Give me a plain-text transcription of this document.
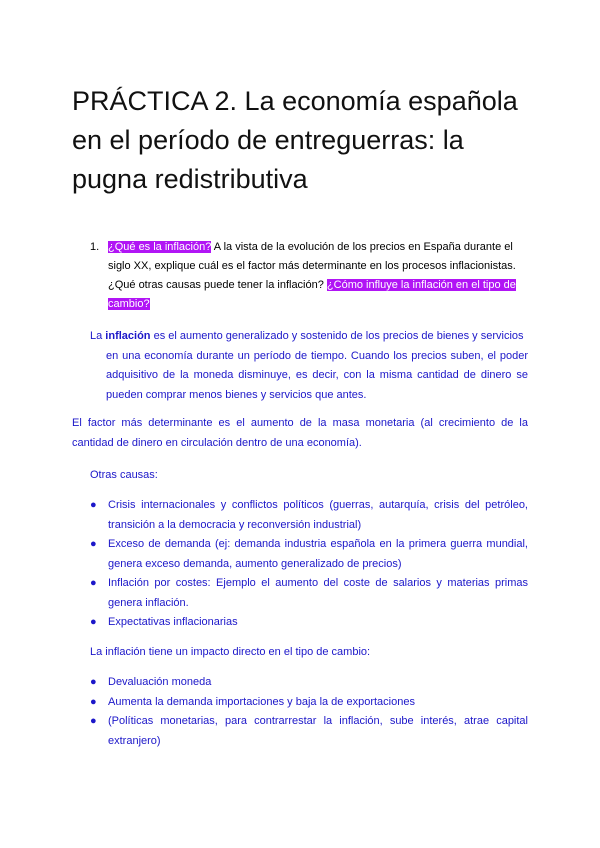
PRÁCTICA 2. La economía española en el período de entreguerras: la pugna redistributiva
1. ¿Qué es la inflación? A la vista de la evolución de los precios en España durante el siglo XX, explique cuál es el factor más determinante en los procesos inflacionistas. ¿Qué otras causas puede tener la inflación? ¿Cómo influye la inflación en el tipo de cambio?
La inflación es el aumento generalizado y sostenido de los precios de bienes y servicios
en una economía durante un período de tiempo. Cuando los precios suben, el poder adquisitivo de la moneda disminuye, es decir, con la misma cantidad de dinero se pueden comprar menos bienes y servicios que antes.
El factor más determinante es el aumento de la masa monetaria (al crecimiento de la cantidad de dinero en circulación dentro de una economía).
Otras causas:
● Crisis internacionales y conflictos políticos (guerras, autarquía, crisis del petróleo, transición a la democracia y reconversión industrial)
● Exceso de demanda (ej: demanda industria española en la primera guerra mundial, genera exceso demanda, aumento generalizado de precios)
● Inflación por costes: Ejemplo el aumento del coste de salarios y materias primas genera inflación.
● Expectativas inflacionarias
La inflación tiene un impacto directo en el tipo de cambio:
● Devaluación moneda
● Aumenta la demanda importaciones y baja la de exportaciones
● (Políticas monetarias, para contrarrestar la inflación, sube interés, atrae capital extranjero)
